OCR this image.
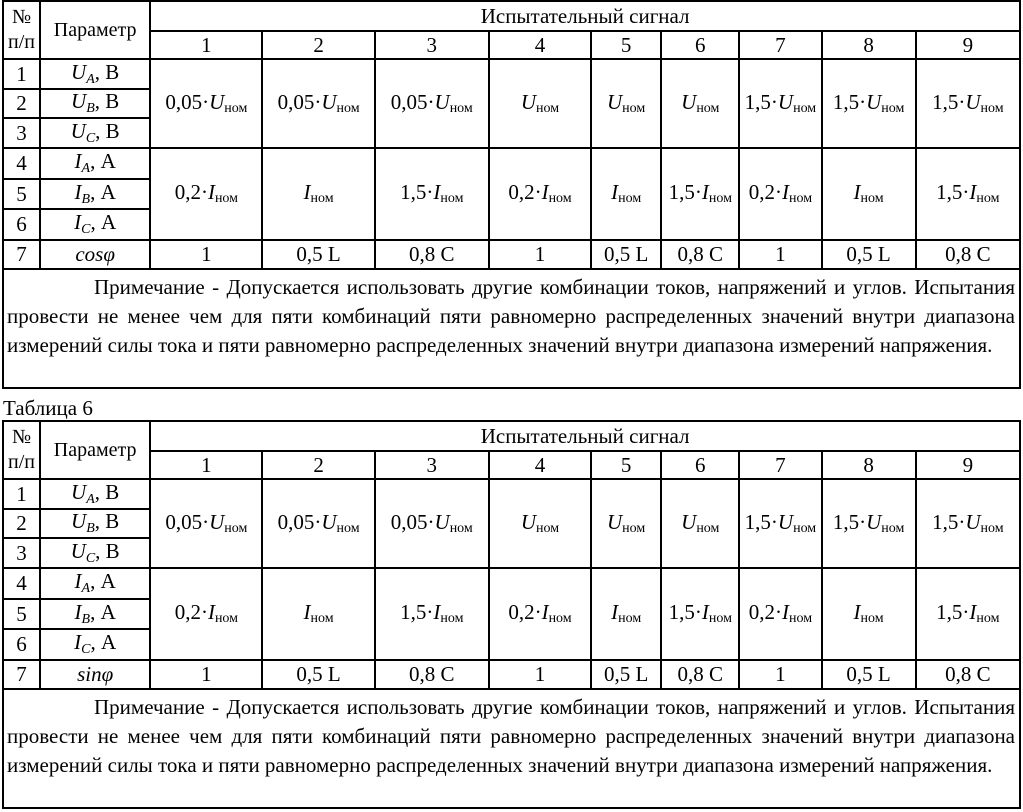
№ п/п	Параметр	Испытательный сигнал								
		1	2	3	4	5	6	7	8	9
1	$U_A$, В	0,05·Uном	0,05·Uном	0,05·Uном	Uном	Uном	Uном	1,5·Uном	1,5·Uном	1,5·Uном
2	$U_B$, В									
3	$U_C$, В									
4	$I_A$, А	0,2·Iном	Iном	1,5·Iном	0,2·Iном	Iном	1,5·Iном	0,2·Iном	Iном	1,5·Iном
5	$I_B$, А									
6	$I_C$, А									
7	cosφ	1	0,5 L	0,8 C	1	0,5 L	0,8 C	1	0,5 L	0,8 C
Примечание - Допускается использовать другие комбинации токов, напряжений и углов. Испытания провести не менее чем для пяти комбинаций пяти равномерно распределенных значений внутри диапазона измерений силы тока и пяти равномерно распределенных значений внутри диапазона измерений напряжения.										
Таблица 6
№ п/п	Параметр	Испытательный сигнал								
		1	2	3	4	5	6	7	8	9
1	$U_A$, В	0,05·Uном	0,05·Uном	0,05·Uном	Uном	Uном	Uном	1,5·Uном	1,5·Uном	1,5·Uном
2	$U_B$, В									
3	$U_C$, В									
4	$I_A$, А	0,2·Iном	Iном	1,5·Iном	0,2·Iном	Iном	1,5·Iном	0,2·Iном	Iном	1,5·Iном
5	$I_B$, А									
6	$I_C$, А									
7	sinφ	1	0,5 L	0,8 C	1	0,5 L	0,8 C	1	0,5 L	0,8 C
Примечание - Допускается использовать другие комбинации токов, напряжений и углов. Испытания провести не менее чем для пяти комбинаций пяти равномерно распределенных значений внутри диапазона измерений силы тока и пяти равномерно распределенных значений внутри диапазона измерений напряжения.										
